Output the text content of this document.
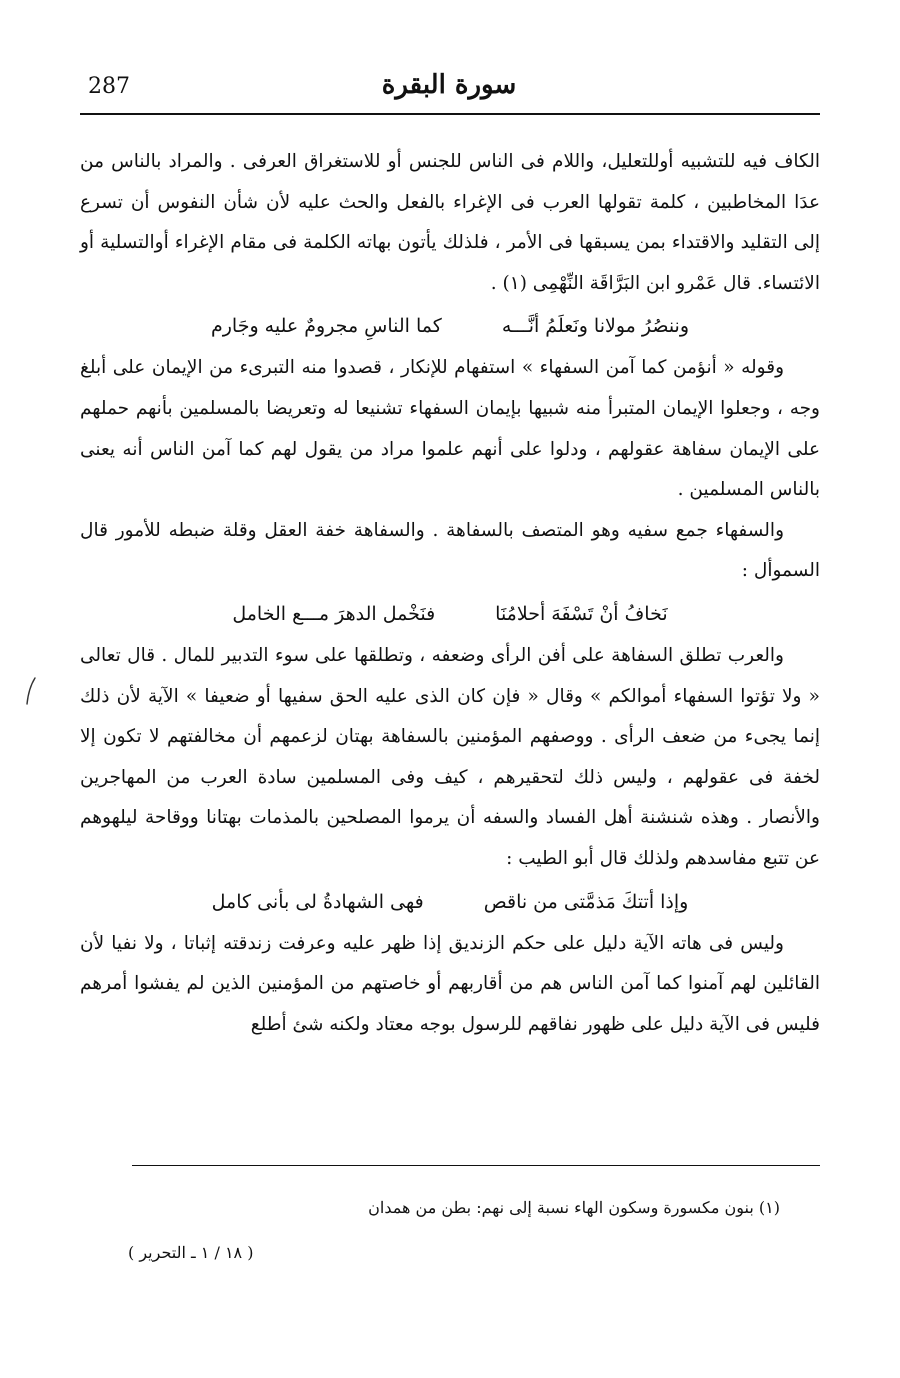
287	سورة البقرة

الكاف فيه للتشبيه أوللتعليل، واللام فى الناس للجنس أو للاستغراق العرفى . والمراد بالناس من عدَا المخاطبين ، كلمة تقولها العرب فى الإغراء بالفعل والحث عليه لأن شأن النفوس أن تسرع إلى التقليد والاقتداء بمن يسبقها فى الأمر ، فلذلك يأتون بهاته الكلمة فى مقام الإغراء أوالتسلية أو الائتساء. قال عَمْرو ابن البَرَّاقَة النِّهْمِى (١) .

وننصُرُ مولانا ونَعلَمُ أنَّـــه
كما الناسِ مجرومٌ عليه وجَارم

وقوله « أنؤمن كما آمن السفهاء » استفهام للإنكار ، قصدوا منه التبرىء من الإيمان على أبلغ وجه ، وجعلوا الإيمان المتبرأ منه شبيها بإيمان السفهاء تشنيعا له وتعريضا بالمسلمين بأنهم حملهم على الإيمان سفاهة عقولهم ، ودلوا على أنهم علموا مراد من يقول لهم كما آمن الناس أنه يعنى بالناس المسلمين .

والسفهاء جمع سفيه وهو المتصف بالسفاهة . والسفاهة خفة العقل وقلة ضبطه للأمور قال السموأل :

نَخافُ أنْ تَسْفَهَ أحلامُنَا
فنَخْمل الدهرَ مـــع الخامل

والعرب تطلق السفاهة على أفن الرأى وضعفه ، وتطلقها على سوء التدبير للمال . قال تعالى « ولا تؤتوا السفهاء أموالكم » وقال « فإن كان الذى عليه الحق سفيها أو ضعيفا » الآية لأن ذلك إنما يجىء من ضعف الرأى . ووصفهم المؤمنين بالسفاهة بهتان لزعمهم أن مخالفتهم لا تكون إلا لخفة فى عقولهم ، وليس ذلك لتحقيرهم ، كيف وفى المسلمين سادة العرب من المهاجرين والأنصار . وهذه شنشنة أهل الفساد والسفه أن يرموا المصلحين بالمذمات بهتانا ووقاحة ليلهوهم عن تتبع مفاسدهم ولذلك قال أبو الطيب :

وإذا أتتكَ مَذمَّتى من ناقص
فهى الشهادةُ لى بأنى كامل

وليس فى هاته الآية دليل على حكم الزنديق إذا ظهر عليه وعرفت زندقته إثباتا ، ولا نفيا لأن القائلين لهم آمنوا كما آمن الناس هم من أقاربهم أو خاصتهم من المؤمنين الذين لم يفشوا أمرهم فليس فى الآية دليل على ظهور نفاقهم للرسول بوجه معتاد ولكنه شئ أطلع

(١) بنون مكسورة وسكون الهاء نسبة إلى نهم: بطن من همدان
( ١٨ / ١ ـ التحرير )
